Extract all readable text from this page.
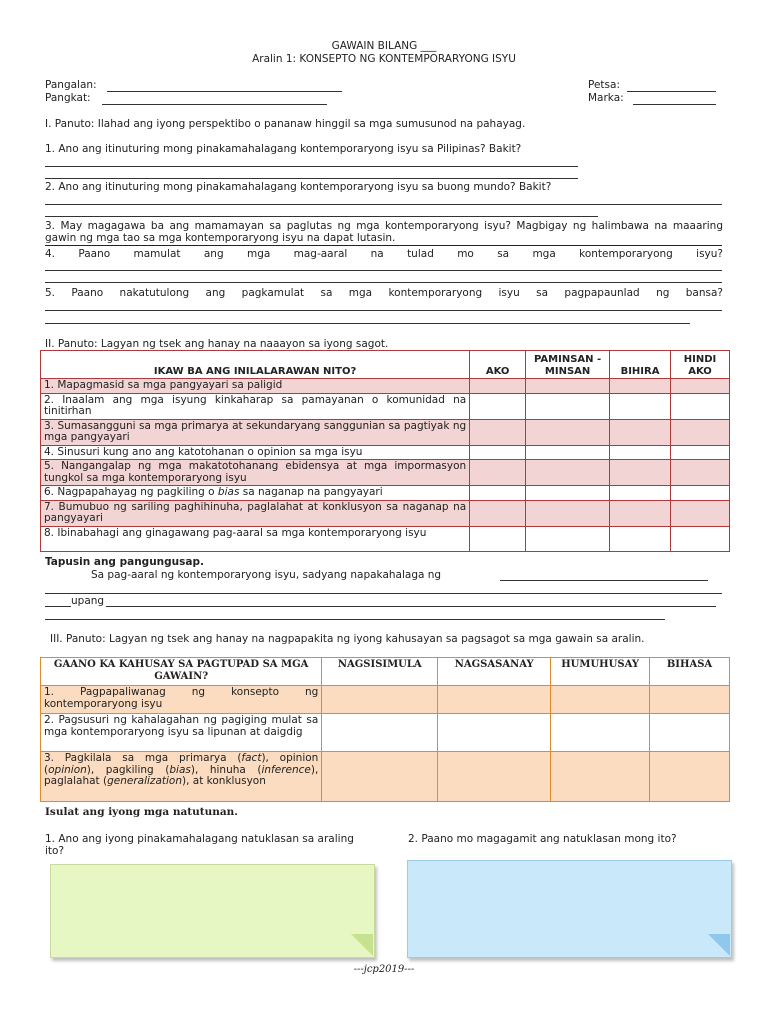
GAWAIN BILANG ___
Aralin 1: KONSEPTO NG KONTEMPORARYONG ISYU
Pangalan:
Pangkat:
Petsa:
Marka:
I. Panuto: Ilahad ang iyong perspektibo o pananaw hinggil sa mga sumusunod na pahayag.
1. Ano ang itinuturing mong pinakamahalagang kontemporaryong isyu sa Pilipinas? Bakit?
2. Ano ang itinuturing mong pinakamahalagang kontemporaryong isyu sa buong mundo? Bakit?
3. May magagawa ba ang mamamayan sa paglutas ng mga kontemporaryong isyu? Magbigay ng halimbawa na maaaring gawin ng mga tao sa mga kontemporaryong isyu na dapat lutasin.
4. Paano mamulat ang mga mag-aaral na tulad mo sa mga kontemporaryong isyu?
5. Paano nakatutulong ang pagkamulat sa mga kontemporaryong isyu sa pagpapaunlad ng bansa?
II. Panuto: Lagyan ng tsek ang hanay na naaayon sa iyong sagot.
IKAW BA ANG INILALARAWAN NITO?	AKO	PAMINSAN -MINSAN	BIHIRA	HINDI AKO
1. Mapagmasid sa mga pangyayari sa paligid				
2. Inaalam ang mga isyung kinkaharap sa pamayanan o komunidad na tinitirhan				
3. Sumasangguni sa mga primarya at sekundaryang sanggunian sa pagtiyak ng mga pangyayari				
4. Sinusuri kung ano ang katotohanan o opinion sa mga isyu				
5. Nangangalap ng mga makatotohanang ebidensya at mga impormasyon tungkol sa mga kontemporaryong isyu				
6. Nagpapahayag ng pagkiling o bias sa naganap na pangyayari				
7. Bumubuo ng sariling paghihinuha, paglalahat at konklusyon sa naganap na pangyayari				
8. Ibinabahagi ang ginagawang pag-aaral sa mga kontemporaryong isyu				
Tapusin ang pangungusap.
Sa pag-aaral ng kontemporaryong isyu, sadyang napakahalaga ng
upang
III. Panuto: Lagyan ng tsek ang hanay na nagpapakita ng iyong kahusayan sa pagsagot sa mga gawain sa aralin.
GAANO KA KAHUSAY SA PAGTUPAD SA MGA GAWAIN?	NAGSISIMULA	NAGSASANAY	HUMUHUSAY	BIHASA
1. Pagpapaliwanag ng konsepto ng kontemporaryong isyu				
2. Pagsusuri ng kahalagahan ng pagiging mulat sa mga kontemporaryong isyu sa lipunan at daigdig				
3. Pagkilala sa mga primarya (fact), opinion (opinion), pagkiling (bias), hinuha (inference), paglalahat (generalization), at konklusyon				
Isulat ang iyong mga natutunan.
1. Ano ang iyong pinakamahalagang natuklasan sa araling ito?
2. Paano mo magagamit ang natuklasan mong ito?
---jcp2019---
